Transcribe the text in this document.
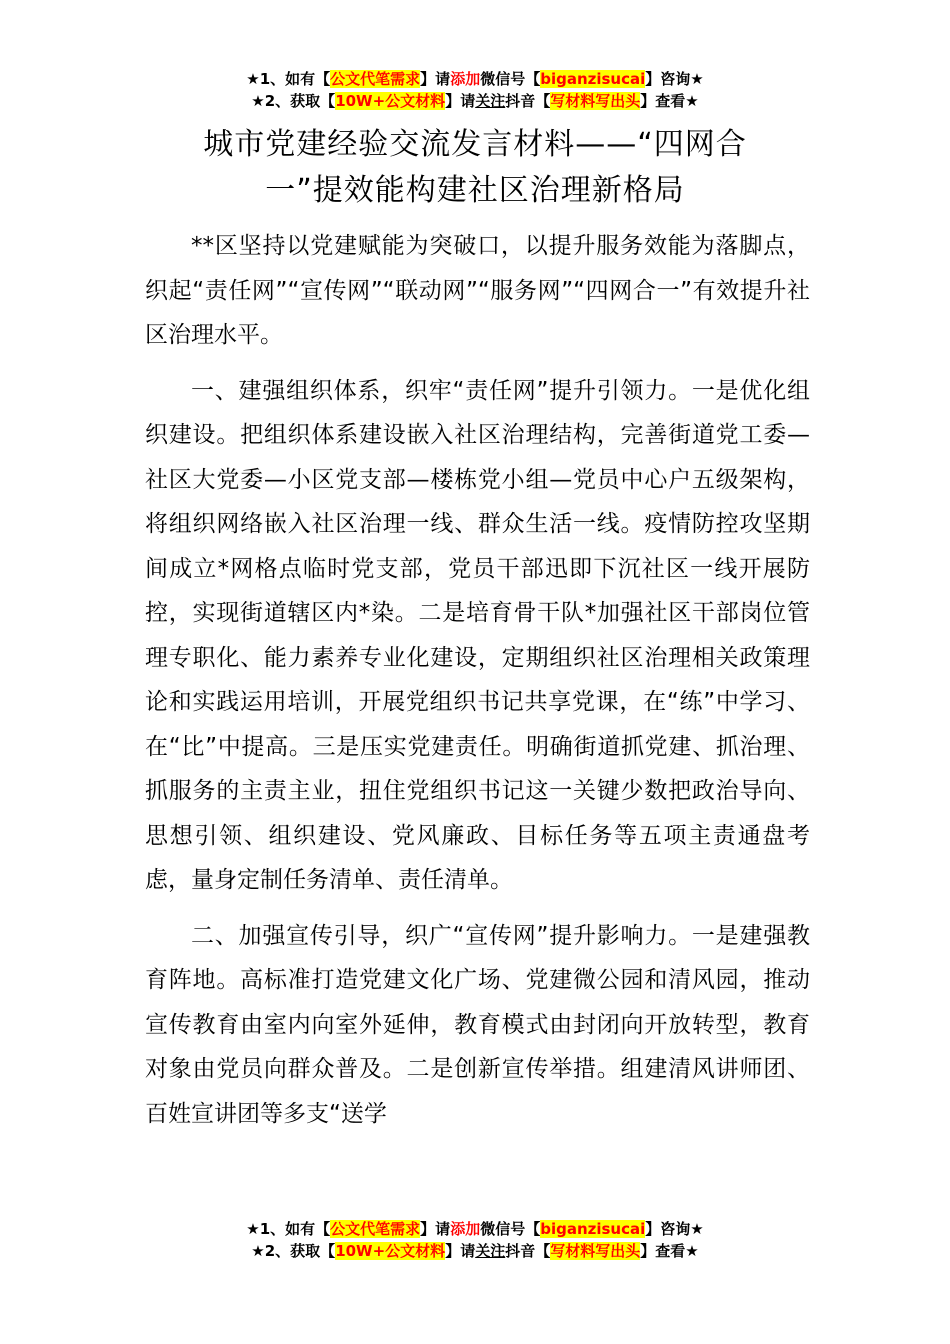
★1、如有【公文代笔需求】请添加微信号【biganzisucai】咨询★
★2、获取【10W+公文材料】请关注抖音【写材料写出头】查看★
城市党建经验交流发言材料——“四网合
一”提效能构建社区治理新格局

**区坚持以党建赋能为突破口，以提升服务效能为落脚点，织起“责任网”“宣传网”“联动网”“服务网”“四网合一”有效提升社区治理水平。

一、建强组织体系，织牢“责任网”提升引领力。一是优化组织建设。把组织体系建设嵌入社区治理结构，完善街道党工委—社区大党委—小区党支部—楼栋党小组—党员中心户五级架构，将组织网络嵌入社区治理一线、群众生活一线。疫情防控攻坚期间成立*网格点临时党支部，党员干部迅即下沉社区一线开展防控，实现街道辖区内*染。二是培育骨干队*加强社区干部岗位管理专职化、能力素养专业化建设，定期组织社区治理相关政策理论和实践运用培训，开展党组织书记共享党课，在“练”中学习、在“比”中提高。三是压实党建责任。明确街道抓党建、抓治理、抓服务的主责主业，扭住党组织书记这一关键少数把政治导向、思想引领、组织建设、党风廉政、目标任务等五项主责通盘考虑，量身定制任务清单、责任清单。

二、加强宣传引导，织广“宣传网”提升影响力。一是建强教育阵地。高标准打造党建文化广场、党建微公园和清风园，推动宣传教育由室内向室外延伸，教育模式由封闭向开放转型，教育对象由党员向群众普及。二是创新宣传举措。组建清风讲师团、百姓宣讲团等多支“送学

★1、如有【公文代笔需求】请添加微信号【biganzisucai】咨询★
★2、获取【10W+公文材料】请关注抖音【写材料写出头】查看★
